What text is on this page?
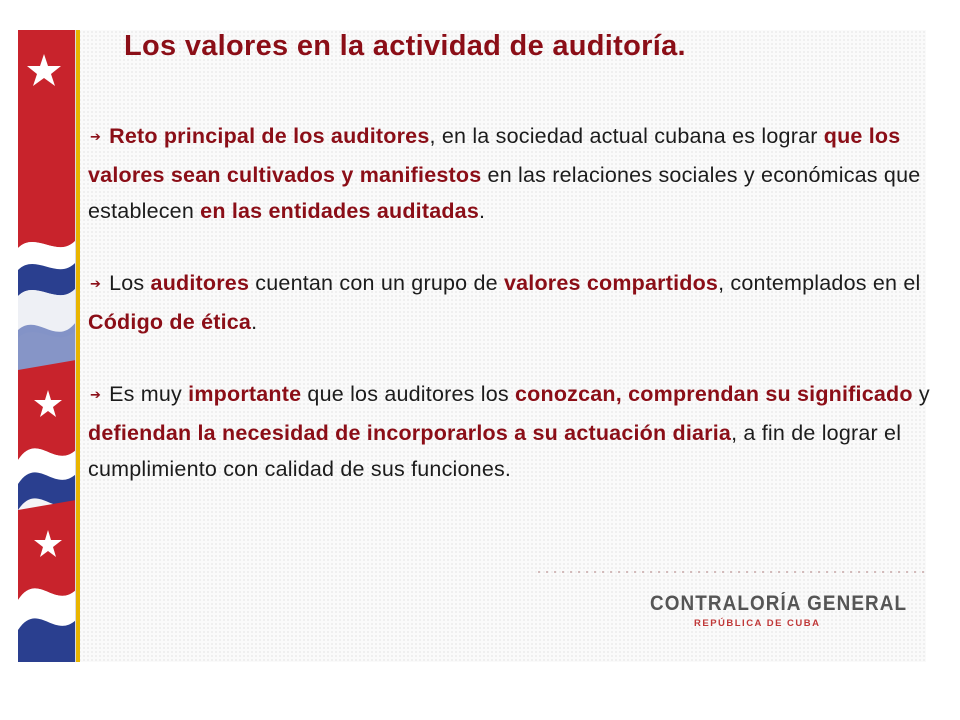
Los valores en la actividad de auditoría.

➔ Reto principal de los auditores, en la sociedad actual cubana es lograr que los valores sean cultivados y manifiestos en las relaciones sociales y económicas que establecen en las entidades auditadas.

➔ Los auditores cuentan con un grupo de valores compartidos, contemplados en el Código de ética.

➔ Es muy importante que los auditores los conozcan, comprendan su significado y defiendan la necesidad de incorporarlos a su actuación diaria, a fin de lograr el cumplimiento con calidad de sus funciones.

CONTRALORÍA GENERAL
REPÚBLICA DE CUBA
